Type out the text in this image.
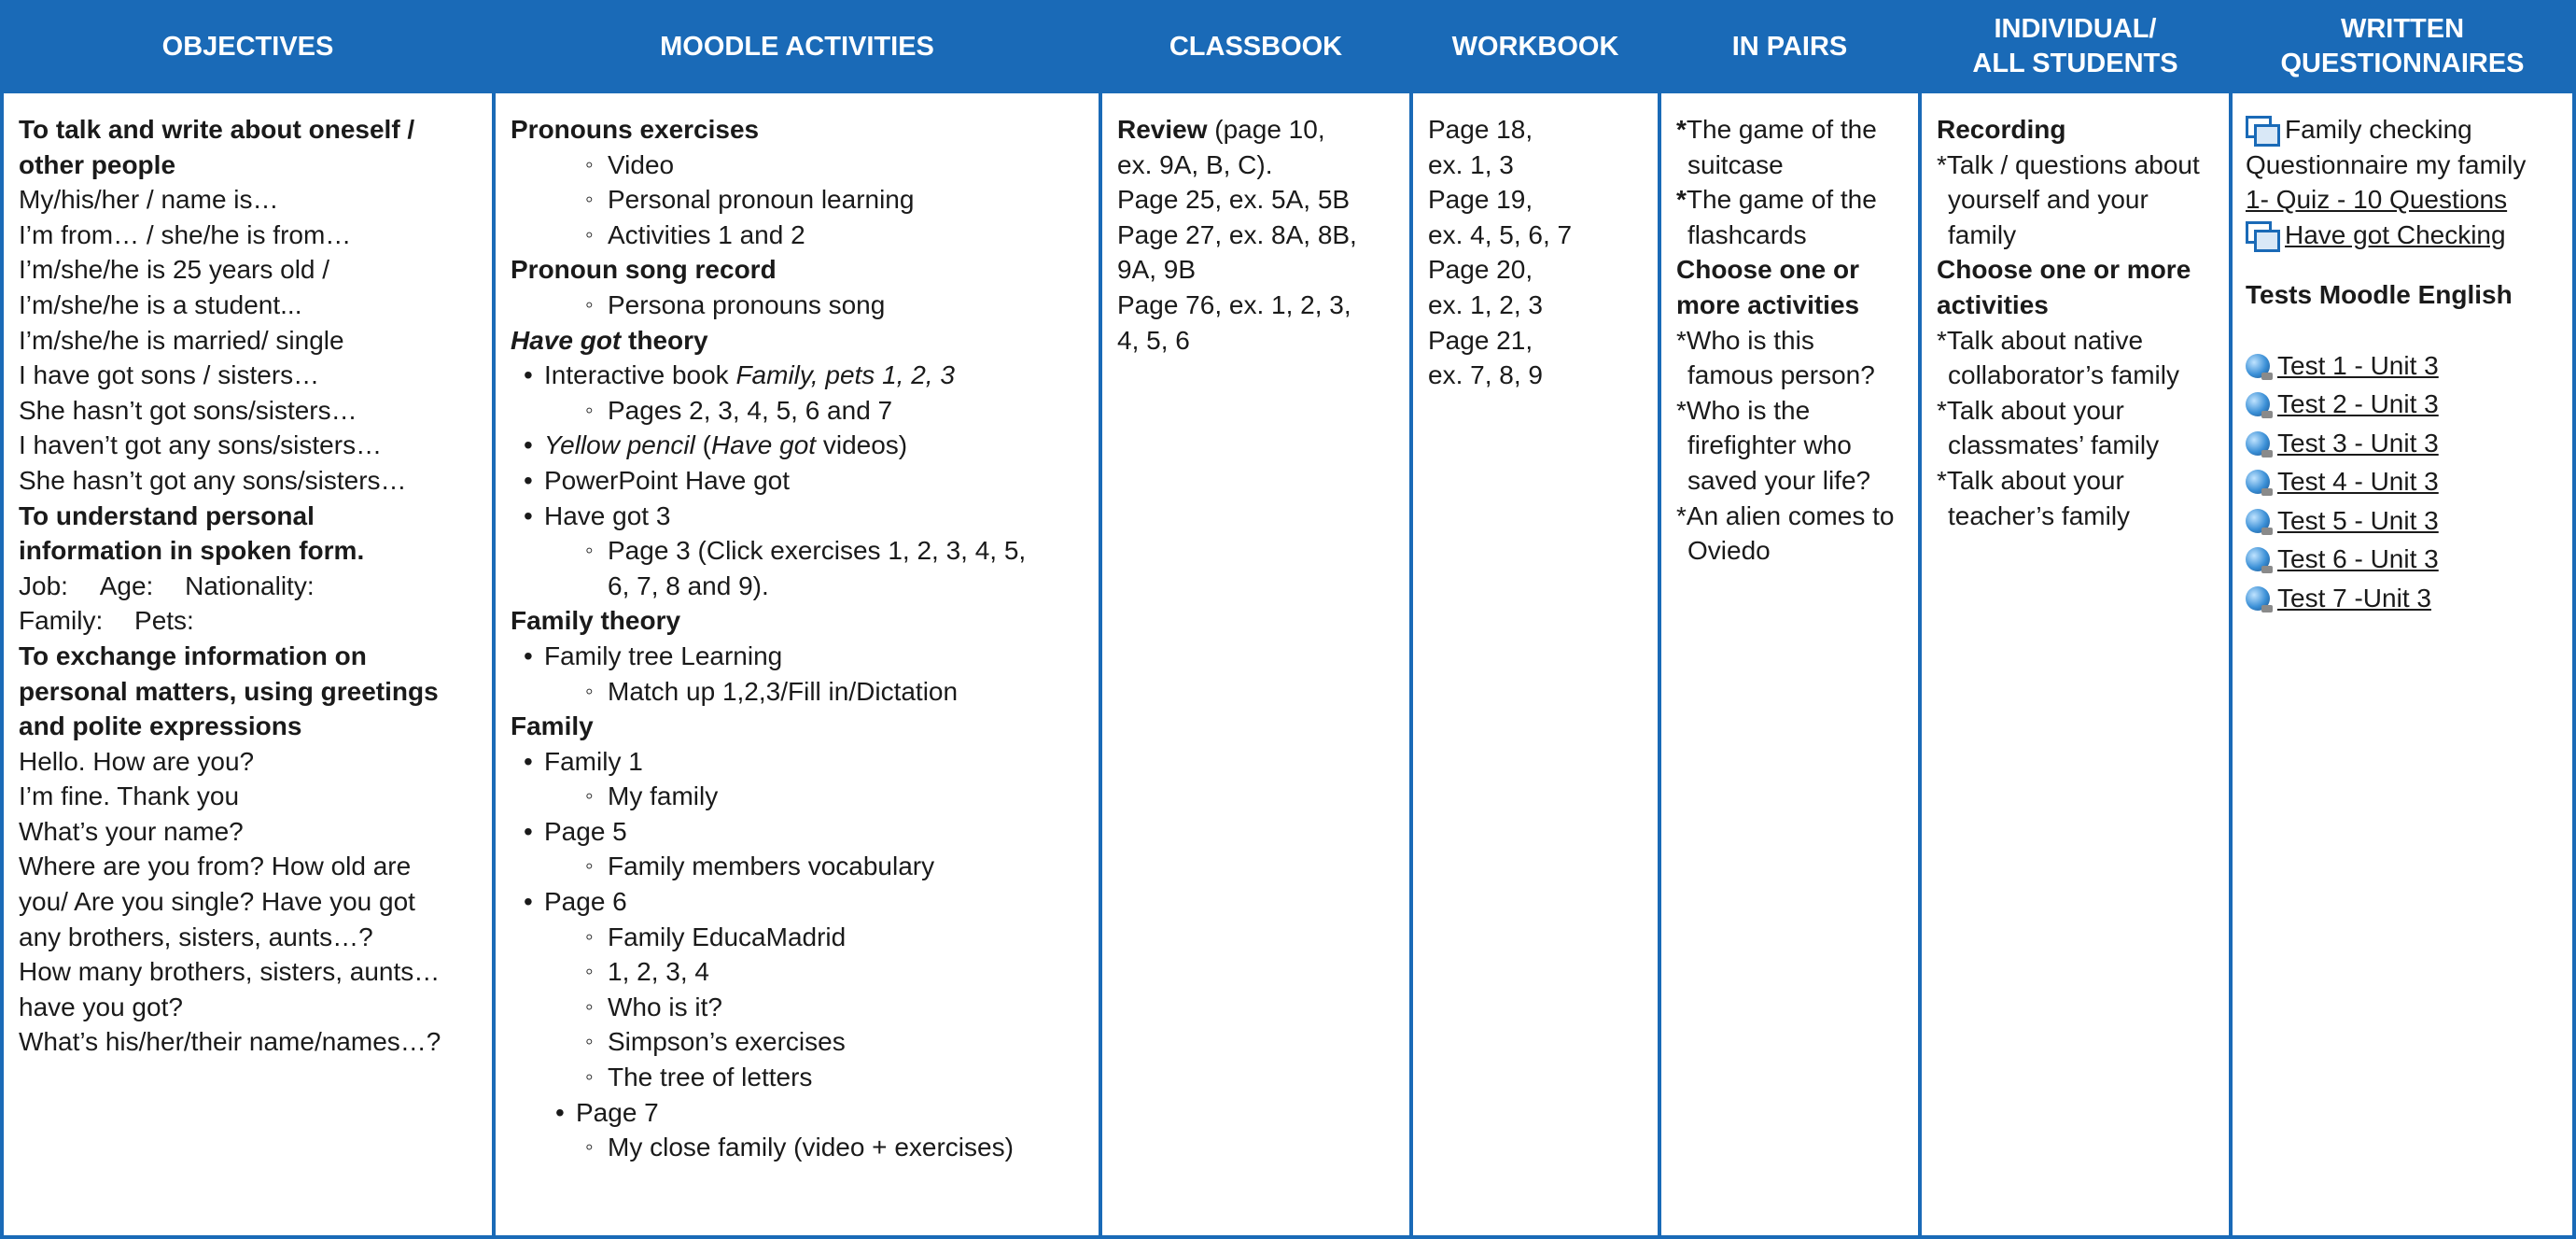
OBJECTIVES
To talk and write about oneself /
other people
My/his/her / name is…
I’m from… / she/he is from…
I’m/she/he is 25 years old /
I’m/she/he is a student...
I’m/she/he is married/ single
I have got sons / sisters…
She hasn’t got sons/sisters…
I haven’t got any sons/sisters…
She hasn’t got any sons/sisters…
To understand personal
information in spoken form.
Job: Age: Nationality:
Family: Pets:
To exchange information on
personal matters, using greetings
and polite expressions
Hello. How are you?
I’m fine. Thank you
What’s your name?
Where are you from? How old are
you/ Are you single? Have you got
any brothers, sisters, aunts…?
How many brothers, sisters, aunts…
have you got?
What’s his/her/their name/names…?
MOODLE ACTIVITIES
Pronouns exercises
◦ Video
◦ Personal pronoun learning
◦ Activities 1 and 2
Pronoun song record
◦ Persona pronouns song
Have got theory
• Interactive book Family, pets 1, 2, 3
◦ Pages 2, 3, 4, 5, 6 and 7
• Yellow pencil (Have got videos)
• PowerPoint Have got
• Have got 3
◦ Page 3 (Click exercises 1, 2, 3, 4, 5,
6, 7, 8 and 9).
Family theory
• Family tree Learning
◦ Match up 1,2,3/Fill in/Dictation
Family
• Family 1
◦ My family
• Page 5
◦ Family members vocabulary
• Page 6
◦ Family EducaMadrid
◦ 1, 2, 3, 4
◦ Who is it?
◦ Simpson’s exercises
◦ The tree of letters
• Page 7
◦ My close family (video + exercises)
CLASSBOOK
Review (page 10,
ex. 9A, B, C).
Page 25, ex. 5A, 5B
Page 27, ex. 8A, 8B,
9A, 9B
Page 76, ex. 1, 2, 3,
4, 5, 6
WORKBOOK
Page 18,
ex. 1, 3
Page 19,
ex. 4, 5, 6, 7
Page 20,
ex. 1, 2, 3
Page 21,
ex. 7, 8, 9
IN PAIRS
*The game of the
suitcase
*The game of the
flashcards
Choose one or
more activities
*Who is this
famous person?
*Who is the
firefighter who
saved your life?
*An alien comes to
Oviedo
INDIVIDUAL/
ALL STUDENTS
Recording
*Talk / questions about
yourself and your
family
Choose one or more
activities
*Talk about native
collaborator’s family
*Talk about your
classmates’ family
*Talk about your
teacher’s family
WRITTEN
QUESTIONNAIRES
Family checking
Questionnaire my family
1- Quiz - 10 Questions
Have got Checking
Tests Moodle English
Test 1 - Unit 3
Test 2 - Unit 3
Test 3 - Unit 3
Test 4 - Unit 3
Test 5 - Unit 3
Test 6 - Unit 3
Test 7 -Unit 3
